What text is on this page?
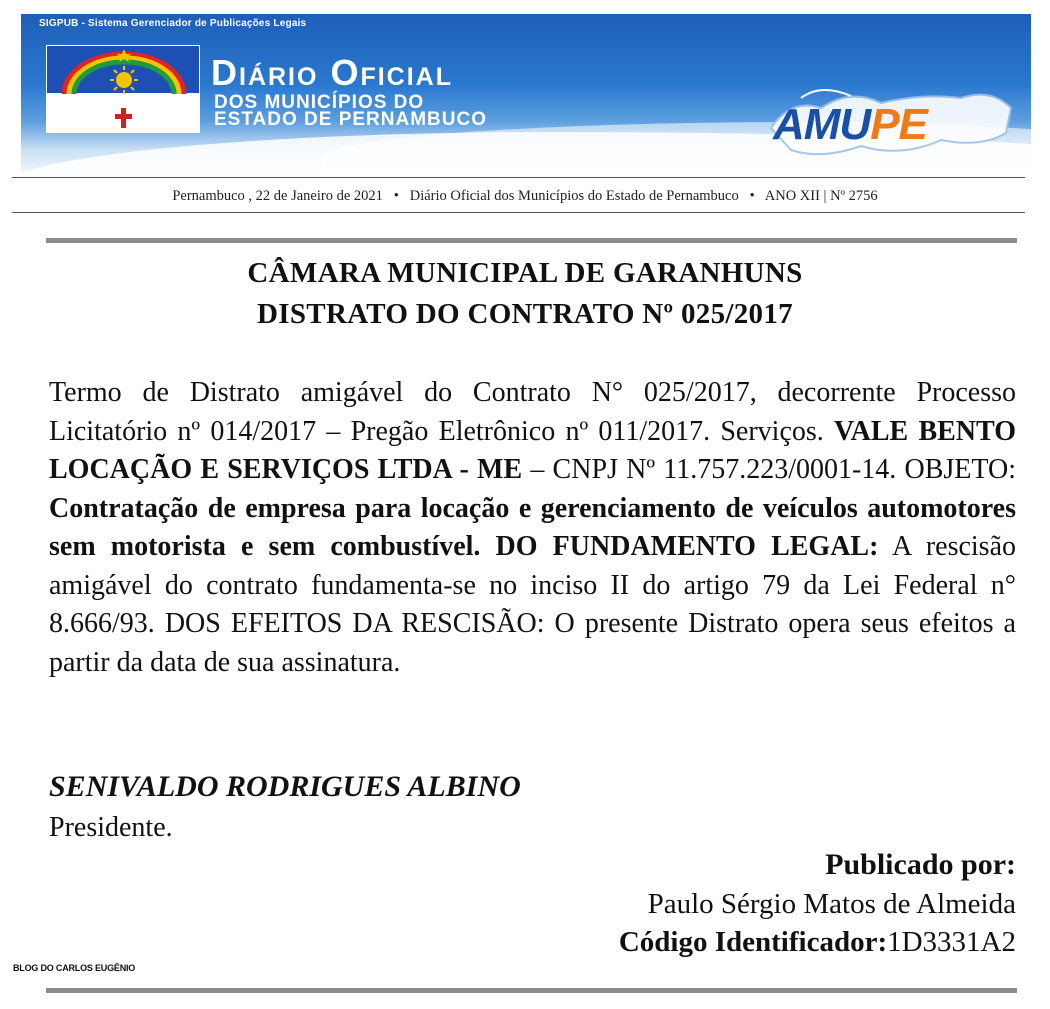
SIGPUB - Sistema Gerenciador de Publicações Legais
Diário Oficial
DOS MUNICÍPIOS DO
ESTADO DE PERNAMBUCO	AMUPE
Pernambuco , 22 de Janeiro de 2021   •   Diário Oficial dos Municípios do Estado de Pernambuco   •   ANO XII | Nº 2756
CÂMARA MUNICIPAL DE GARANHUNS
DISTRATO DO CONTRATO Nº 025/2017
Termo de Distrato amigável do Contrato N° 025/2017, decorrente Processo Licitatório nº 014/2017 – Pregão Eletrônico nº 011/2017. Serviços. VALE BENTO LOCAÇÃO E SERVIÇOS LTDA - ME – CNPJ Nº 11.757.223/0001-14. OBJETO: Contratação de empresa para locação e gerenciamento de veículos automotores sem motorista e sem combustível. DO FUNDAMENTO LEGAL: A rescisão amigável do contrato fundamenta-se no inciso II do artigo 79 da Lei Federal n° 8.666/93. DOS EFEITOS DA RESCISÃO: O presente Distrato opera seus efeitos a partir da data de sua assinatura.
SENIVALDO RODRIGUES ALBINO
Presidente.
Publicado por:
Paulo Sérgio Matos de Almeida
Código Identificador:1D3331A2
BLOG DO CARLOS EUGÊNIO
